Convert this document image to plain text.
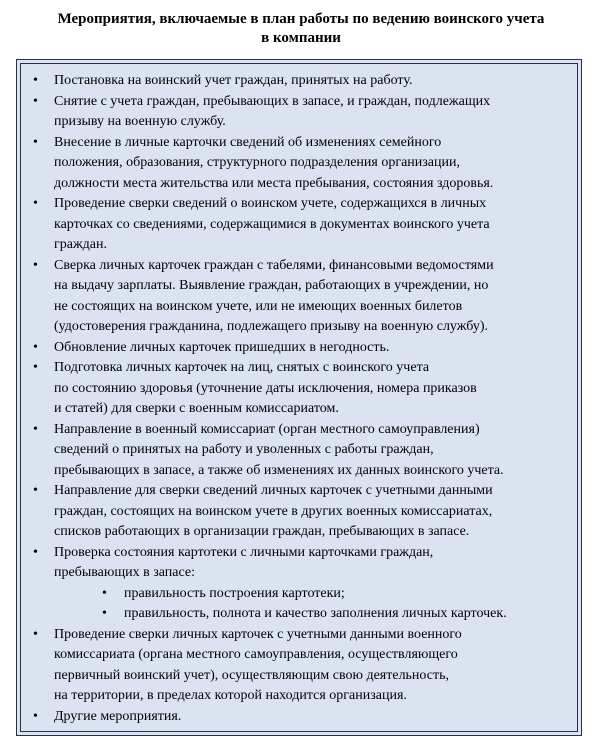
Мероприятия, включаемые в план работы по ведению воинского учета
в компании
• Постановка на воинский учет граждан, принятых на работу.
• Снятие с учета граждан, пребывающих в запасе, и граждан, подлежащих
призыву на военную службу.
• Внесение в личные карточки сведений об изменениях семейного
положения, образования, структурного подразделения организации,
должности места жительства или места пребывания, состояния здоровья.
• Проведение сверки сведений о воинском учете, содержащихся в личных
карточках со сведениями, содержащимися в документах воинского учета
граждан.
• Сверка личных карточек граждан с табелями, финансовыми ведомостями
на выдачу зарплаты. Выявление граждан, работающих в учреждении, но
не состоящих на воинском учете, или не имеющих военных билетов
(удостоверения гражданина, подлежащего призыву на военную службу).
• Обновление личных карточек пришедших в негодность.
• Подготовка личных карточек на лиц, снятых с воинского учета
по состоянию здоровья (уточнение даты исключения, номера приказов
и статей) для сверки с военным комиссариатом.
• Направление в военный комиссариат (орган местного самоуправления)
сведений о принятых на работу и уволенных с работы граждан,
пребывающих в запасе, а также об изменениях их данных воинского учета.
• Направление для сверки сведений личных карточек с учетными данными
граждан, состоящих на воинском учете в других военных комиссариатах,
списков работающих в организации граждан, пребывающих в запасе.
• Проверка состояния картотеки с личными карточками граждан,
пребывающих в запасе:
• правильность построения картотеки;
• правильность, полнота и качество заполнения личных карточек.
• Проведение сверки личных карточек с учетными данными военного
комиссариата (органа местного самоуправления, осуществляющего
первичный воинский учет), осуществляющим свою деятельность,
на территории, в пределах которой находится организация.
• Другие мероприятия.
